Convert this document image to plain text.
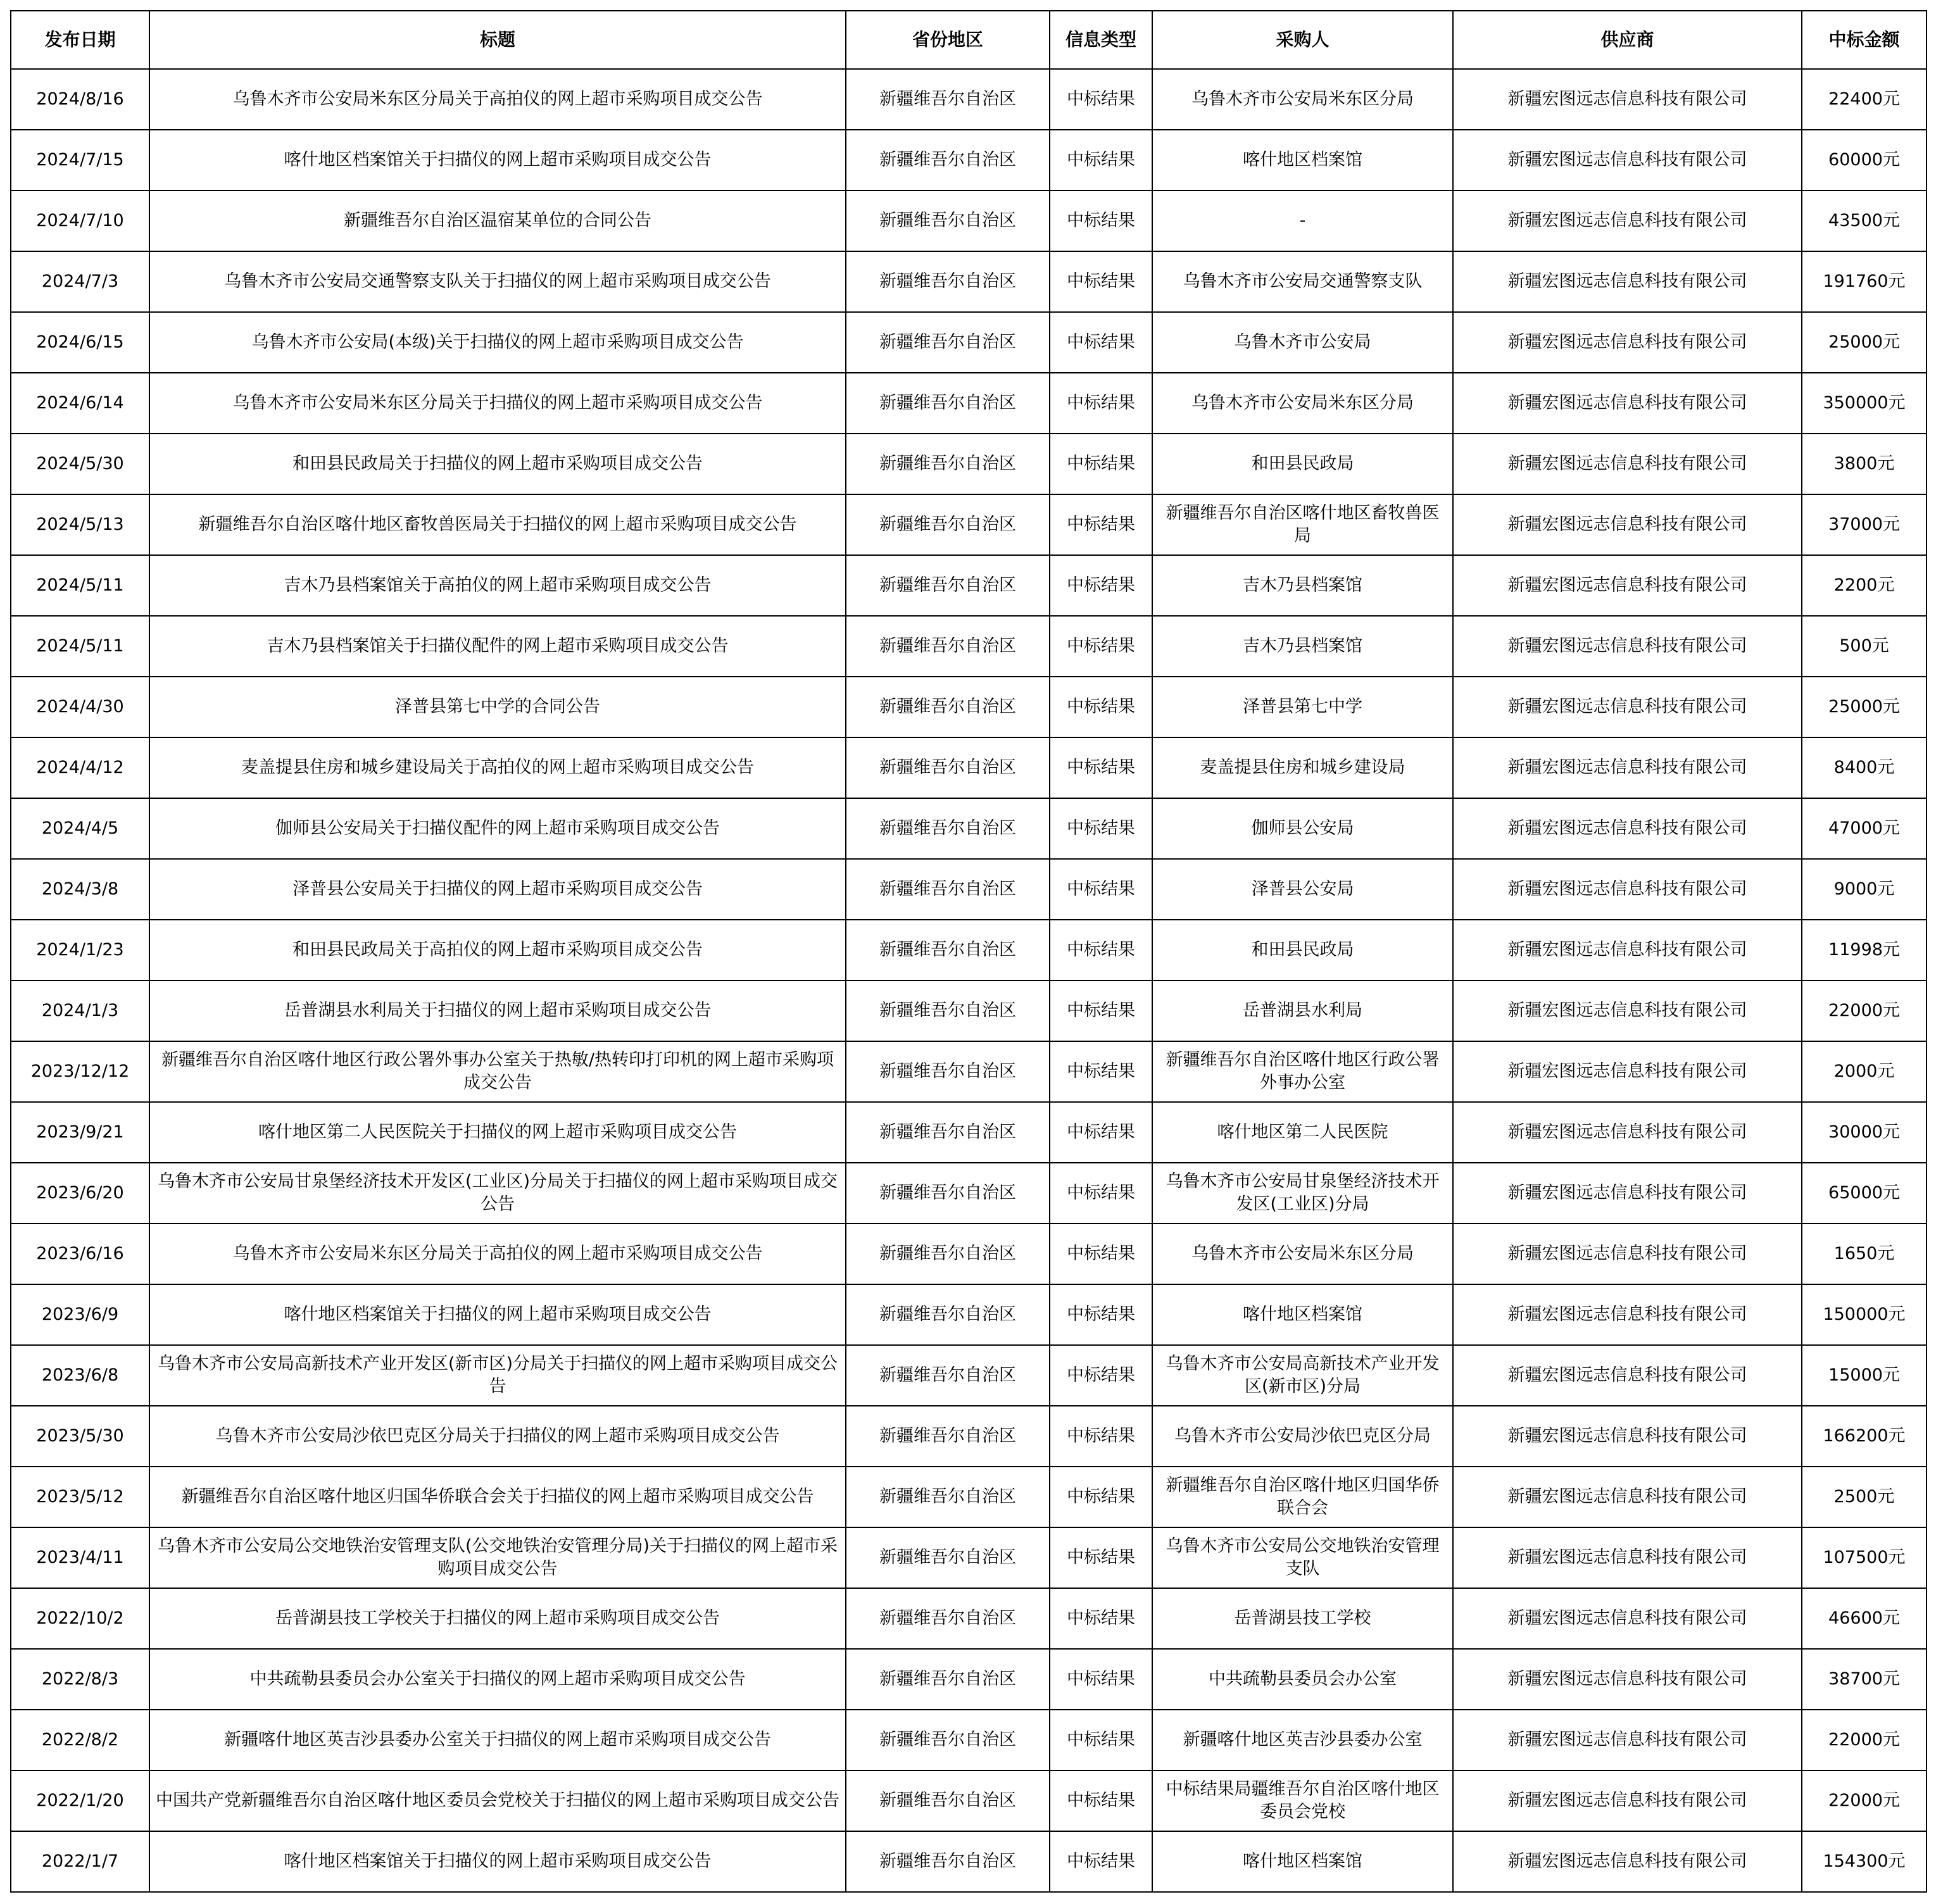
发布日期	标题	省份地区	信息类型	采购人	供应商	中标金额
2024/8/16	乌鲁木齐市公安局米东区分局关于高拍仪的网上超市采购项目成交公告	新疆维吾尔自治区	中标结果	乌鲁木齐市公安局米东区分局	新疆宏图远志信息科技有限公司	22400元
2024/7/15	喀什地区档案馆关于扫描仪的网上超市采购项目成交公告	新疆维吾尔自治区	中标结果	喀什地区档案馆	新疆宏图远志信息科技有限公司	60000元
2024/7/10	新疆维吾尔自治区温宿某单位的合同公告	新疆维吾尔自治区	中标结果	-	新疆宏图远志信息科技有限公司	43500元
2024/7/3	乌鲁木齐市公安局交通警察支队关于扫描仪的网上超市采购项目成交公告	新疆维吾尔自治区	中标结果	乌鲁木齐市公安局交通警察支队	新疆宏图远志信息科技有限公司	191760元
2024/6/15	乌鲁木齐市公安局(本级)关于扫描仪的网上超市采购项目成交公告	新疆维吾尔自治区	中标结果	乌鲁木齐市公安局	新疆宏图远志信息科技有限公司	25000元
2024/6/14	乌鲁木齐市公安局米东区分局关于扫描仪的网上超市采购项目成交公告	新疆维吾尔自治区	中标结果	乌鲁木齐市公安局米东区分局	新疆宏图远志信息科技有限公司	350000元
2024/5/30	和田县民政局关于扫描仪的网上超市采购项目成交公告	新疆维吾尔自治区	中标结果	和田县民政局	新疆宏图远志信息科技有限公司	3800元
2024/5/13	新疆维吾尔自治区喀什地区畜牧兽医局关于扫描仪的网上超市采购项目成交公告	新疆维吾尔自治区	中标结果	新疆维吾尔自治区喀什地区畜牧兽医局	新疆宏图远志信息科技有限公司	37000元
2024/5/11	吉木乃县档案馆关于高拍仪的网上超市采购项目成交公告	新疆维吾尔自治区	中标结果	吉木乃县档案馆	新疆宏图远志信息科技有限公司	2200元
2024/5/11	吉木乃县档案馆关于扫描仪配件的网上超市采购项目成交公告	新疆维吾尔自治区	中标结果	吉木乃县档案馆	新疆宏图远志信息科技有限公司	500元
2024/4/30	泽普县第七中学的合同公告	新疆维吾尔自治区	中标结果	泽普县第七中学	新疆宏图远志信息科技有限公司	25000元
2024/4/12	麦盖提县住房和城乡建设局关于高拍仪的网上超市采购项目成交公告	新疆维吾尔自治区	中标结果	麦盖提县住房和城乡建设局	新疆宏图远志信息科技有限公司	8400元
2024/4/5	伽师县公安局关于扫描仪配件的网上超市采购项目成交公告	新疆维吾尔自治区	中标结果	伽师县公安局	新疆宏图远志信息科技有限公司	47000元
2024/3/8	泽普县公安局关于扫描仪的网上超市采购项目成交公告	新疆维吾尔自治区	中标结果	泽普县公安局	新疆宏图远志信息科技有限公司	9000元
2024/1/23	和田县民政局关于高拍仪的网上超市采购项目成交公告	新疆维吾尔自治区	中标结果	和田县民政局	新疆宏图远志信息科技有限公司	11998元
2024/1/3	岳普湖县水利局关于扫描仪的网上超市采购项目成交公告	新疆维吾尔自治区	中标结果	岳普湖县水利局	新疆宏图远志信息科技有限公司	22000元
2023/12/12	新疆维吾尔自治区喀什地区行政公署外事办公室关于热敏/热转印打印机的网上超市采购项成交公告	新疆维吾尔自治区	中标结果	新疆维吾尔自治区喀什地区行政公署外事办公室	新疆宏图远志信息科技有限公司	2000元
2023/9/21	喀什地区第二人民医院关于扫描仪的网上超市采购项目成交公告	新疆维吾尔自治区	中标结果	喀什地区第二人民医院	新疆宏图远志信息科技有限公司	30000元
2023/6/20	乌鲁木齐市公安局甘泉堡经济技术开发区(工业区)分局关于扫描仪的网上超市采购项目成交公告	新疆维吾尔自治区	中标结果	乌鲁木齐市公安局甘泉堡经济技术开发区(工业区)分局	新疆宏图远志信息科技有限公司	65000元
2023/6/16	乌鲁木齐市公安局米东区分局关于高拍仪的网上超市采购项目成交公告	新疆维吾尔自治区	中标结果	乌鲁木齐市公安局米东区分局	新疆宏图远志信息科技有限公司	1650元
2023/6/9	喀什地区档案馆关于扫描仪的网上超市采购项目成交公告	新疆维吾尔自治区	中标结果	喀什地区档案馆	新疆宏图远志信息科技有限公司	150000元
2023/6/8	乌鲁木齐市公安局高新技术产业开发区(新市区)分局关于扫描仪的网上超市采购项目成交公告	新疆维吾尔自治区	中标结果	乌鲁木齐市公安局高新技术产业开发区(新市区)分局	新疆宏图远志信息科技有限公司	15000元
2023/5/30	乌鲁木齐市公安局沙依巴克区分局关于扫描仪的网上超市采购项目成交公告	新疆维吾尔自治区	中标结果	乌鲁木齐市公安局沙依巴克区分局	新疆宏图远志信息科技有限公司	166200元
2023/5/12	新疆维吾尔自治区喀什地区归国华侨联合会关于扫描仪的网上超市采购项目成交公告	新疆维吾尔自治区	中标结果	新疆维吾尔自治区喀什地区归国华侨联合会	新疆宏图远志信息科技有限公司	2500元
2023/4/11	乌鲁木齐市公安局公交地铁治安管理支队(公交地铁治安管理分局)关于扫描仪的网上超市采购项目成交公告	新疆维吾尔自治区	中标结果	乌鲁木齐市公安局公交地铁治安管理支队	新疆宏图远志信息科技有限公司	107500元
2022/10/2	岳普湖县技工学校关于扫描仪的网上超市采购项目成交公告	新疆维吾尔自治区	中标结果	岳普湖县技工学校	新疆宏图远志信息科技有限公司	46600元
2022/8/3	中共疏勒县委员会办公室关于扫描仪的网上超市采购项目成交公告	新疆维吾尔自治区	中标结果	中共疏勒县委员会办公室	新疆宏图远志信息科技有限公司	38700元
2022/8/2	新疆喀什地区英吉沙县委办公室关于扫描仪的网上超市采购项目成交公告	新疆维吾尔自治区	中标结果	新疆喀什地区英吉沙县委办公室	新疆宏图远志信息科技有限公司	22000元
2022/1/20	中国共产党新疆维吾尔自治区喀什地区委员会党校关于扫描仪的网上超市采购项目成交公告	新疆维吾尔自治区	中标结果	中标结果局疆维吾尔自治区喀什地区委员会党校	新疆宏图远志信息科技有限公司	22000元
2022/1/7	喀什地区档案馆关于扫描仪的网上超市采购项目成交公告	新疆维吾尔自治区	中标结果	喀什地区档案馆	新疆宏图远志信息科技有限公司	154300元
